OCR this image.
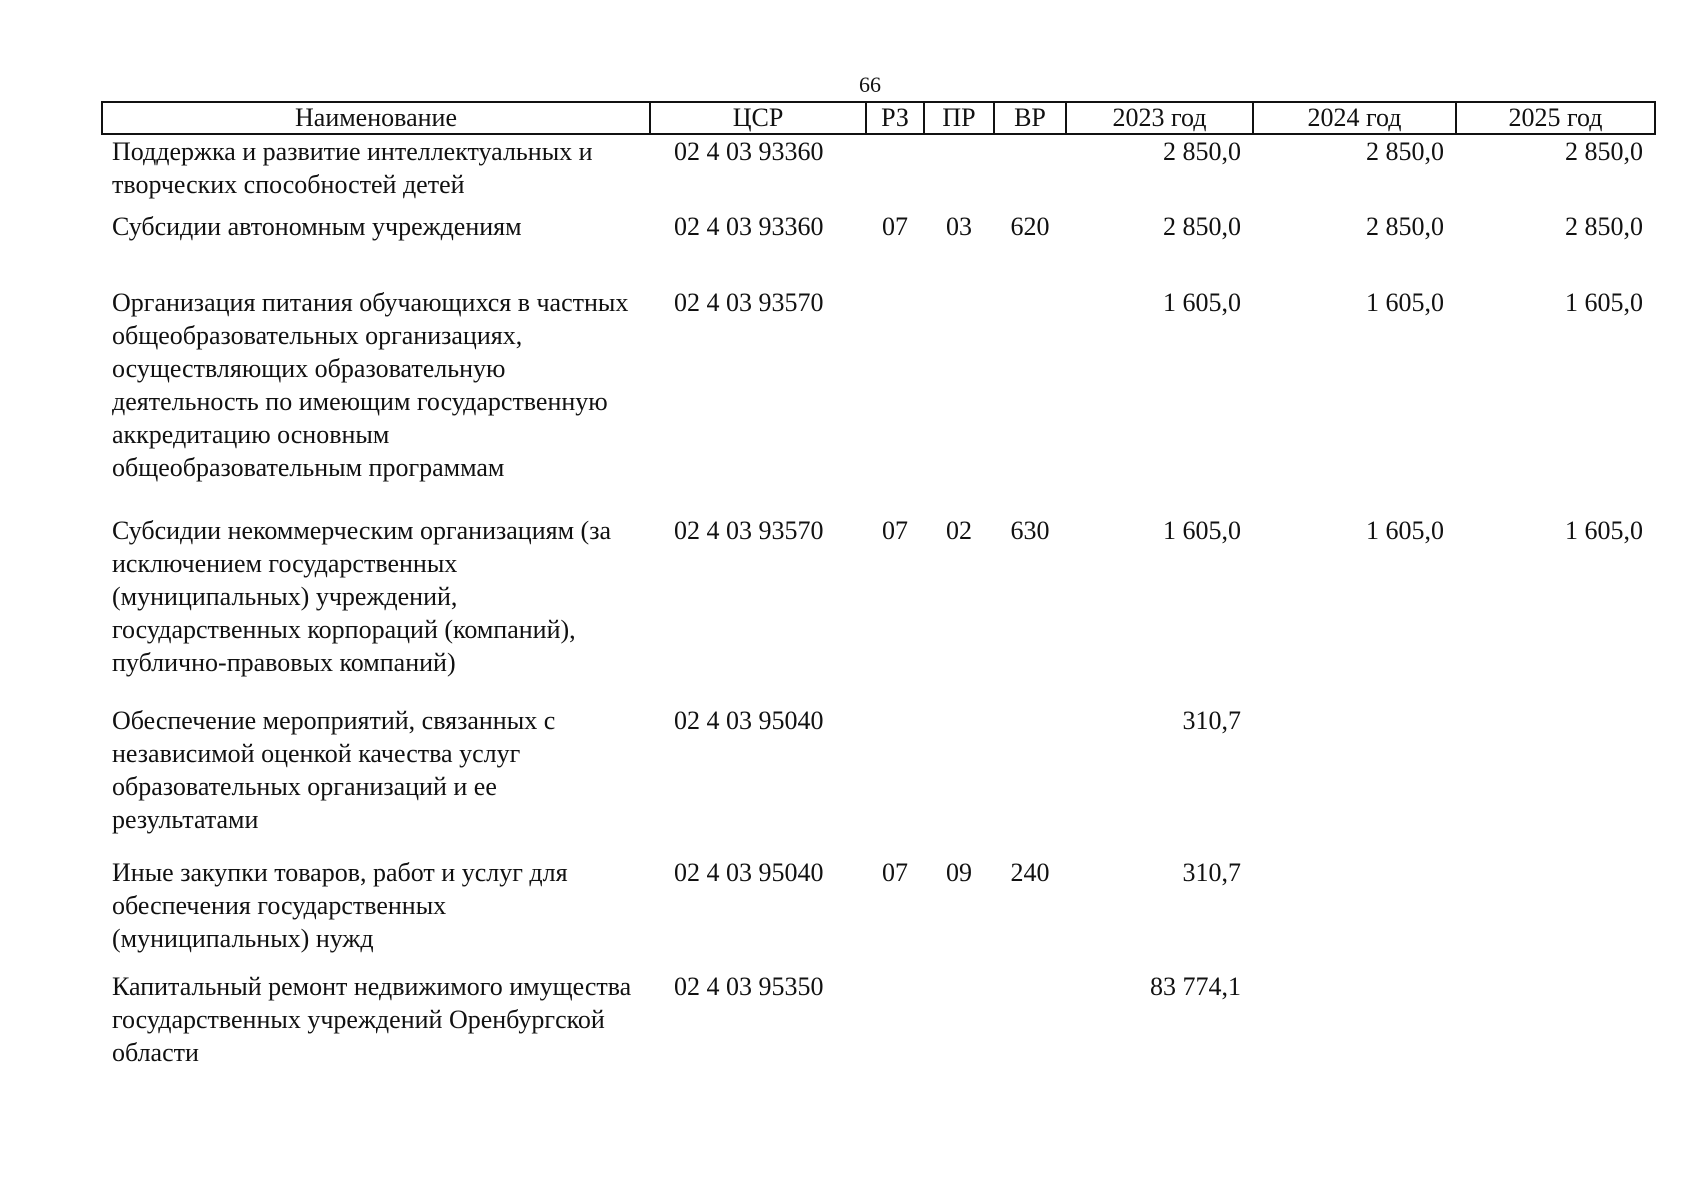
66
Наименование	ЦСР	РЗ	ПР	ВР	2023 год	2024 год	2025 год
Поддержка и развитие интеллектуальных и творческих способностей детей	02 4 03 93360				2 850,0	2 850,0	2 850,0
Субсидии автономным учреждениям	02 4 03 93360	07	03	620	2 850,0	2 850,0	2 850,0
Организация питания обучающихся в частных общеобразовательных организациях, осуществляющих образовательную деятельность по имеющим государственную аккредитацию основным общеобразовательным программам	02 4 03 93570				1 605,0	1 605,0	1 605,0
Субсидии некоммерческим организациям (за исключением государственных (муниципальных) учреждений, государственных корпораций (компаний), публично-правовых компаний)	02 4 03 93570	07	02	630	1 605,0	1 605,0	1 605,0
Обеспечение мероприятий, связанных с независимой оценкой качества услуг образовательных организаций и ее результатами	02 4 03 95040				310,7		
Иные закупки товаров, работ и услуг для обеспечения государственных (муниципальных) нужд	02 4 03 95040	07	09	240	310,7		
Капитальный ремонт недвижимого имущества государственных учреждений Оренбургской области	02 4 03 95350				83 774,1		
